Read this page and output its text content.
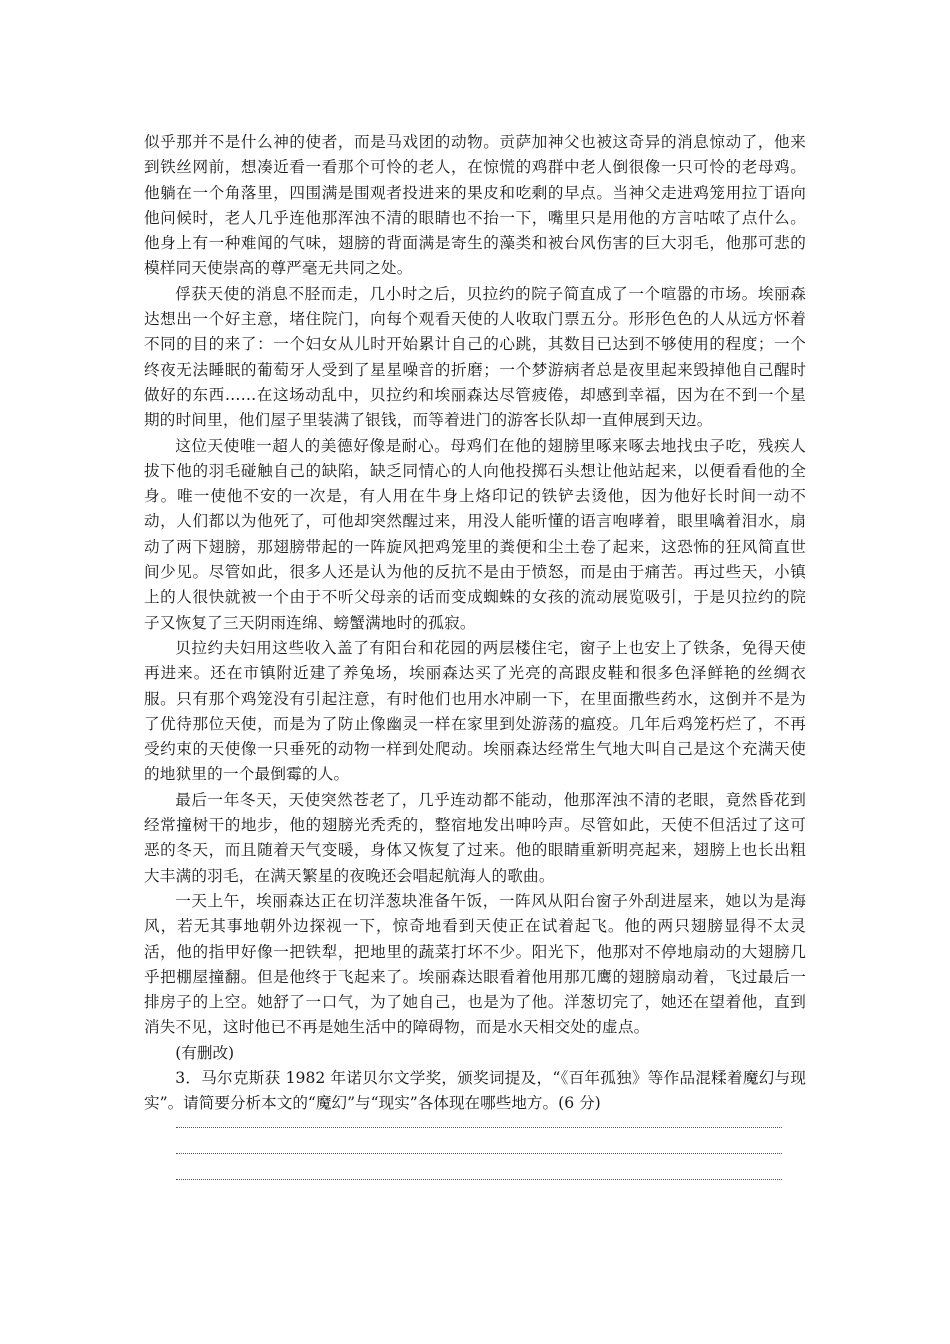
似乎那并不是什么神的使者，而是马戏团的动物。贡萨加神父也被这奇异的消息惊动了，他来到铁丝网前，想凑近看一看那个可怜的老人，在惊慌的鸡群中老人倒很像一只可怜的老母鸡。他躺在一个角落里，四围满是围观者投进来的果皮和吃剩的早点。当神父走进鸡笼用拉丁语向他问候时，老人几乎连他那浑浊不清的眼睛也不抬一下，嘴里只是用他的方言咕哝了点什么。他身上有一种难闻的气味，翅膀的背面满是寄生的藻类和被台风伤害的巨大羽毛，他那可悲的模样同天使崇高的尊严毫无共同之处。

俘获天使的消息不胫而走，几小时之后，贝拉约的院子简直成了一个喧嚣的市场。埃丽森达想出一个好主意，堵住院门，向每个观看天使的人收取门票五分。形形色色的人从远方怀着不同的目的来了：一个妇女从儿时开始累计自己的心跳，其数目已达到不够使用的程度；一个终夜无法睡眠的葡萄牙人受到了星星噪音的折磨；一个梦游病者总是夜里起来毁掉他自己醒时做好的东西……在这场动乱中，贝拉约和埃丽森达尽管疲倦，却感到幸福，因为在不到一个星期的时间里，他们屋子里装满了银钱，而等着进门的游客长队却一直伸展到天边。

这位天使唯一超人的美德好像是耐心。母鸡们在他的翅膀里啄来啄去地找虫子吃，残疾人拔下他的羽毛碰触自己的缺陷，缺乏同情心的人向他投掷石头想让他站起来，以便看看他的全身。唯一使他不安的一次是，有人用在牛身上烙印记的铁铲去烫他，因为他好长时间一动不动，人们都以为他死了，可他却突然醒过来，用没人能听懂的语言咆哮着，眼里噙着泪水，扇动了两下翅膀，那翅膀带起的一阵旋风把鸡笼里的粪便和尘土卷了起来，这恐怖的狂风简直世间少见。尽管如此，很多人还是认为他的反抗不是由于愤怒，而是由于痛苦。再过些天，小镇上的人很快就被一个由于不听父母亲的话而变成蜘蛛的女孩的流动展览吸引，于是贝拉约的院子又恢复了三天阴雨连绵、螃蟹满地时的孤寂。

贝拉约夫妇用这些收入盖了有阳台和花园的两层楼住宅，窗子上也安上了铁条，免得天使再进来。还在市镇附近建了养兔场，埃丽森达买了光亮的高跟皮鞋和很多色泽鲜艳的丝绸衣服。只有那个鸡笼没有引起注意，有时他们也用水冲刷一下，在里面撒些药水，这倒并不是为了优待那位天使，而是为了防止像幽灵一样在家里到处游荡的瘟疫。几年后鸡笼朽烂了，不再受约束的天使像一只垂死的动物一样到处爬动。埃丽森达经常生气地大叫自己是这个充满天使的地狱里的一个最倒霉的人。

最后一年冬天，天使突然苍老了，几乎连动都不能动，他那浑浊不清的老眼，竟然昏花到经常撞树干的地步，他的翅膀光秃秃的，整宿地发出呻吟声。尽管如此，天使不但活过了这可恶的冬天，而且随着天气变暖，身体又恢复了过来。他的眼睛重新明亮起来，翅膀上也长出粗大丰满的羽毛，在满天繁星的夜晚还会唱起航海人的歌曲。

一天上午，埃丽森达正在切洋葱块准备午饭，一阵风从阳台窗子外刮进屋来，她以为是海风，若无其事地朝外边探视一下，惊奇地看到天使正在试着起飞。他的两只翅膀显得不太灵活，他的指甲好像一把铁犁，把地里的蔬菜打坏不少。阳光下，他那对不停地扇动的大翅膀几乎把棚屋撞翻。但是他终于飞起来了。埃丽森达眼看着他用那兀鹰的翅膀扇动着，飞过最后一排房子的上空。她舒了一口气，为了她自己，也是为了他。洋葱切完了，她还在望着他，直到消失不见，这时他已不再是她生活中的障碍物，而是水天相交处的虚点。

(有删改)

3．马尔克斯获 1982 年诺贝尔文学奖，颁奖词提及，“《百年孤独》等作品混糅着魔幻与现实”。请简要分析本文的“魔幻”与“现实”各体现在哪些地方。(6 分)
